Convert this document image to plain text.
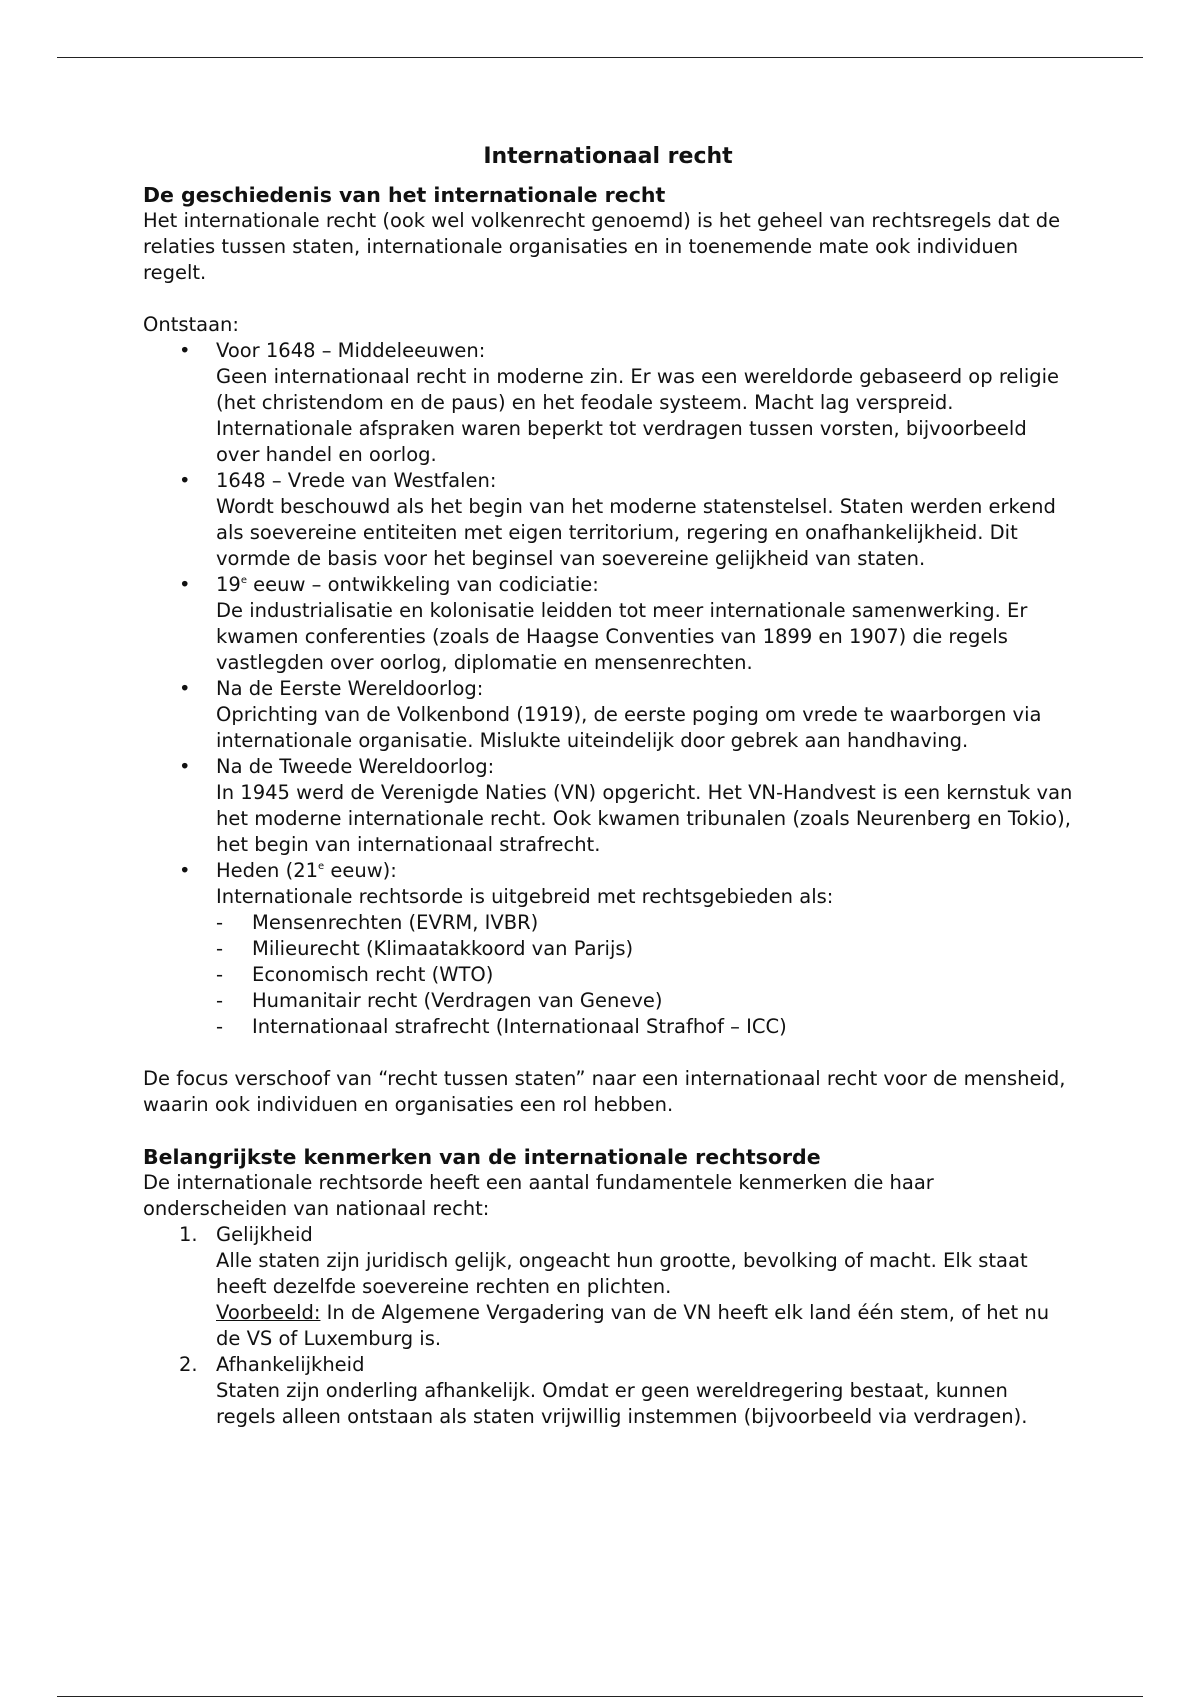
Internationaal recht
De geschiedenis van het internationale recht

Het internationale recht (ook wel volkenrecht genoemd) is het geheel van rechtsregels dat de relaties tussen staten, internationale organisaties en in toenemende mate ook individuen regelt.

Ontstaan:

• Voor 1648 – Middeleeuwen:
Geen internationaal recht in moderne zin. Er was een wereldorde gebaseerd op religie (het christendom en de paus) en het feodale systeem. Macht lag verspreid. Internationale afspraken waren beperkt tot verdragen tussen vorsten, bijvoorbeeld over handel en oorlog.
• 1648 – Vrede van Westfalen:
Wordt beschouwd als het begin van het moderne statenstelsel. Staten werden erkend als soevereine entiteiten met eigen territorium, regering en onafhankelijkheid. Dit vormde de basis voor het beginsel van soevereine gelijkheid van staten.
• 19e eeuw – ontwikkeling van codiciatie:
De industrialisatie en kolonisatie leidden tot meer internationale samenwerking. Er kwamen conferenties (zoals de Haagse Conventies van 1899 en 1907) die regels vastlegden over oorlog, diplomatie en mensenrechten.
• Na de Eerste Wereldoorlog:
Oprichting van de Volkenbond (1919), de eerste poging om vrede te waarborgen via internationale organisatie. Mislukte uiteindelijk door gebrek aan handhaving.
• Na de Tweede Wereldoorlog:
In 1945 werd de Verenigde Naties (VN) opgericht. Het VN-Handvest is een kernstuk van het moderne internationale recht. Ook kwamen tribunalen (zoals Neurenberg en Tokio), het begin van internationaal strafrecht.
• Heden (21e eeuw):
Internationale rechtsorde is uitgebreid met rechtsgebieden als:
- Mensenrechten (EVRM, IVBR)
- Milieurecht (Klimaatakkoord van Parijs)
- Economisch recht (WTO)
- Humanitair recht (Verdragen van Geneve)
- Internationaal strafrecht (Internationaal Strafhof – ICC)

De focus verschoof van “recht tussen staten” naar een internationaal recht voor de mensheid, waarin ook individuen en organisaties een rol hebben.

Belangrijkste kenmerken van de internationale rechtsorde

De internationale rechtsorde heeft een aantal fundamentele kenmerken die haar onderscheiden van nationaal recht:

1. Gelijkheid
Alle staten zijn juridisch gelijk, ongeacht hun grootte, bevolking of macht. Elk staat heeft dezelfde soevereine rechten en plichten.
Voorbeeld: In de Algemene Vergadering van de VN heeft elk land één stem, of het nu de VS of Luxemburg is.
2. Afhankelijkheid
Staten zijn onderling afhankelijk. Omdat er geen wereldregering bestaat, kunnen regels alleen ontstaan als staten vrijwillig instemmen (bijvoorbeeld via verdragen).
